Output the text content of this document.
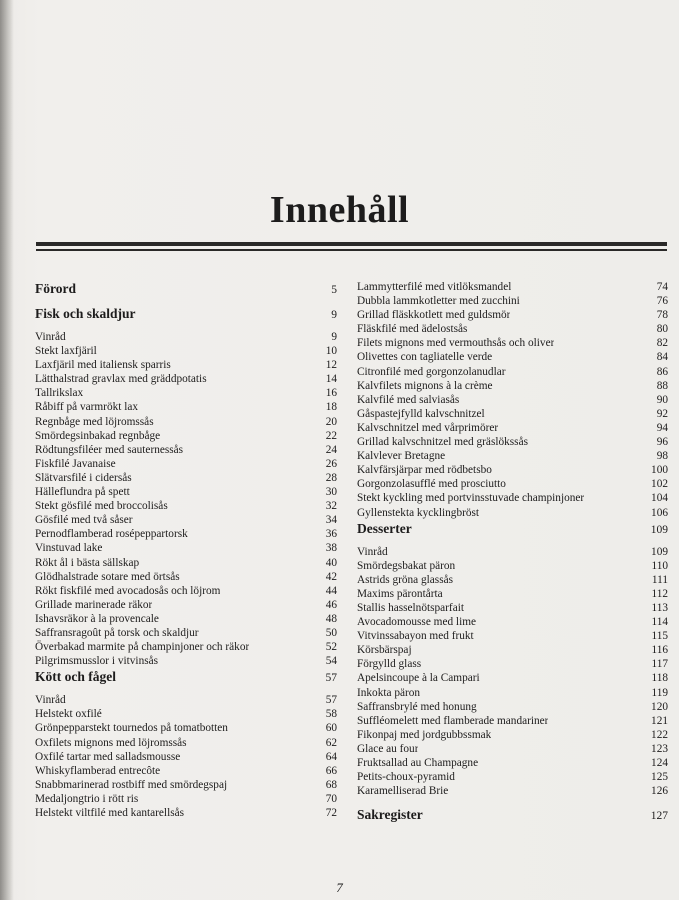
Innehåll
Förord	5
Fisk och skaldjur	9
Vinråd	9
Stekt laxfjäril	10
Laxfjäril med italiensk sparris	12
Lätthalstrad gravlax med gräddpotatis	14
Tallrikslax	16
Råbiff på varmrökt lax	18
Regnbåge med löjromssås	20
Smördegsinbakad regnbåge	22
Rödtungsfiléer med sauternessås	24
Fiskfilé Javanaise	26
Slätvarsfilé i cidersås	28
Hälleflundra på spett	30
Stekt gösfilé med broccolisås	32
Gösfilé med två såser	34
Pernodflamberad rosépeppartorsk	36
Vinstuvad lake	38
Rökt ål i bästa sällskap	40
Glödhalstrade sotare med örtsås	42
Rökt fiskfilé med avocadosås och löjrom	44
Grillade marinerade räkor	46
Ishavsräkor à la provencale	48
Saffransragoût på torsk och skaldjur	50
Överbakad marmite på champinjoner och räkor	52
Pilgrimsmusslor i vitvinsås	54
Kött och fågel	57
Vinråd	57
Helstekt oxfilé	58
Grönpepparstekt tournedos på tomatbotten	60
Oxfilets mignons med löjromssås	62
Oxfilé tartar med salladsmousse	64
Whiskyflamberad entrecôte	66
Snabbmarinerad rostbiff med smördegspaj	68
Medaljongtrio i rött ris	70
Helstekt viltfilé med kantarellsås	72
Lammytterfilé med vitlöksmandel	74
Dubbla lammkotletter med zucchini	76
Grillad fläskkotlett med guldsmör	78
Fläskfilé med ädelostsås	80
Filets mignons med vermouthsås och oliver	82
Olivettes con tagliatelle verde	84
Citronfilé med gorgonzolanudlar	86
Kalvfilets mignons à la crème	88
Kalvfilé med salviasås	90
Gåspastejfylld kalvschnitzel	92
Kalvschnitzel med vårprimörer	94
Grillad kalvschnitzel med gräslökssås	96
Kalvlever Bretagne	98
Kalvfärsjärpar med rödbetsbo	100
Gorgonzolasufflé med prosciutto	102
Stekt kyckling med portvinsstuvade champinjoner	104
Gyllenstekta kycklingbröst	106
Desserter	109
Vinråd	109
Smördegsbakat päron	110
Astrids gröna glassås	111
Maxims pärontårta	112
Stallis hasselnötsparfait	113
Avocadomousse med lime	114
Vitvinssabayon med frukt	115
Körsbärspaj	116
Förgylld glass	117
Apelsincoupe à la Campari	118
Inkokta päron	119
Saffransbrylé med honung	120
Suffléomelett med flamberade mandariner	121
Fikonpaj med jordgubbssmak	122
Glace au four	123
Fruktsallad au Champagne	124
Petits-choux-pyramid	125
Karamelliserad Brie	126
Sakregister	127
7
